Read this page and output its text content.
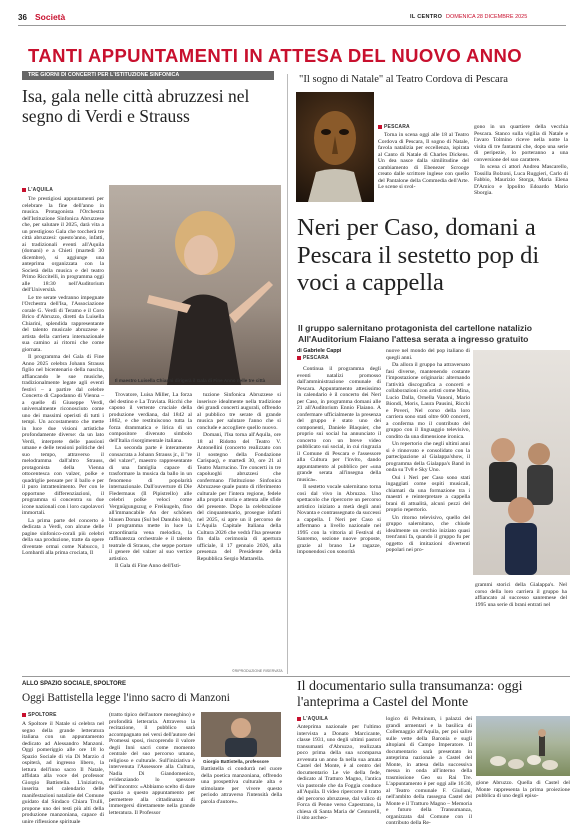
36 Società	IL CENTRO DOMENICA 28 DICEMBRE 2025
TANTI APPUNTAMENTI IN ATTESA DEL NUOVO ANNO
TRE GIORNI DI CONCERTI PER L'ISTITUZIONE SINFONICA
Isa, gala nelle città abruzzesi nel segno di Verdi e Strauss
L'AQUILA

Tre prestigiosi appuntamenti per celebrare la fine dell'anno in musica. Protagonista l'Orchestra dell'Istituzione Sinfonica Abruzzese che, per salutare il 2025, darà vita a un prestigioso Gala che toccherà tre città abruzzesi: questo'anno, infatti, ai tradizionali eventi all'Aquila (domani) e a Chieti (martedì 30 dicembre), si aggiunge una anteprima organizzata con la Società della musica e del teatro Primo Riccitelli, in programma oggi alle 18:30 nell'Auditorium dell'Università.

Le tre serate vedranno impegnate l'Orchestra dell'Isa, l'Associazione corale G. Verdi di Teramo e il Coro Brico d'Abruzzo, diretti da Luisella Chiarini, splendida rappresentante del talento musicale abruzzese e artista della carriera internazionale sua camino ai ritorni che come giornata.

Il programma del Gala di Fine Anno 2025 celebra Johann Strauss figlio nel bicentenario della nascita, affiancando le sue musiche, tradizionalmente legate agli eventi festivi – a partire dal celebre Concerto di Capodanno di Vienna – a quelle di Giuseppe Verdi, universalmente riconosciuto come uno dei massimi operisti di tutti i tempi. Un accostamento che mette in luce due visioni artistiche profondamente diverse: da un lato Verdi, interprete delle passioni umane e delle tensioni politiche del suo tempo, attraverso il melodramma dall'altro Strauss, protagonista della Vienna ottocentesca con valzer, polke e quadriglie pensate per il ballo e per il puro intrattenimento. Per con le opportune differenziazioni, il programma si concentra su due icone nazionali con i loro capolavori immortali.

La prima parte del concerto è dedicata a Verdi, con alcune delle pagine sinfonico-corali più celebri della sua produzione, tratte da opere diventate ormai come Nabucco, I Lombardi alla prima crociata, Il

Il maestro Luisella Chiarini dirigerà il Gala di Fine Anno nelle tre città

Trovatore, Luisa Miller, La forza del destino e La Traviata. Ricchi che capono il vertente cruciale della produzione verdiana, dal 1842 al 1862, e che restituiscono tutta la forza drammatica e lirica di un compositore divenuto simbolo dell'Italia risorgimentale italiana.

La seconda parte è interamente consacrata a Johann Strauss jr., il "re del valzer", maestro rappresentante di una famiglia capace di trasformare la musica da ballo in un fenomeno di popolarità internazionale. Dall'ouverture di Die Fledermaus (Il Pipistrello) alle celebri polke veloci come Vergnügungszug e Freikugeln, fino all'immancabile An der schönen blauen Donau (Sul bel Danubio blu), il programma mette in luce la straordinaria vena melodica, la raffinatezza orchestrale e il talento teatrale di Strauss, che seppe portare il genere del valzer al suo vertice artistico.

Il Gala di Fine Anno dell'Isti-

tuzione Sinfonica Abruzzese si inserisce idealmente nella tradizione dei grandi concerti augurali, offrendo al pubblico tre serate di grande musica per salutare l'anno che si conclude e accogliere quello nuovo.

Domani, l'Isa torna all'Aquila, ore 18 al Ridotto del Teatro V. Antonellini (concerto realizzato con il sostegno della Fondazione Carispaq), e martedì 30, ore 21 al Teatro Marrucino. Tre concerti in tre capoluoghi abruzzesi che confermano l'Istituzione Sinfonica Abruzzese quale punto di riferimento culturale per l'intera regione, fedele alla propria storia e attenta alle sfide del presente. Dopo la celebrazione del cinquantenario, prosegue infatti nel 2025, si apre un il percorso de L'Aquila Capitale Italiana della Cultura 2026 che vedrà l'Isa presente fin dalla cerimonia di apertura ufficiale, il 17 gennaio 2026, alla presenza del Presidente della Repubblica Sergio Mattarella.

©RIPRODUZIONE RISERVATA
"Il sogno di Natale" al Teatro Cordova di Pescara
PESCARA

Torna in scena oggi alle 18 al Teatro Cordova di Pescara, Il sogno di Natale, favola natalizia per eccellenza, ispirata al Canto di Natale di Charles Dickens. Un dea nasce dalla similitudine del cambiamento di Ebenezer Scrooge creato dalle scrittore inglese con quello del Pantalone della Commedia dell'Arte. Le scene si svol-

gono in un quartiere della vecchia Pescara. Stanco sulla vigilia di Natale e l'avaro Tolmino riceve nella notte la visita di tre fantasmi che, dopo una serie di peripezie, lo porteranno a una conversione del suo carattere.

In scena ci attori Andrea Mascarello, Tossilla Bolzoni, Luca Ruggieri, Carlo di Fabbio, Maurizio Storga, Maria Elena D'Amico e Ippolito Edoardo Mario Sborgia.

Neri per Caso, domani a Pescara il sestetto pop di voci a cappella
Il gruppo salernitano protagonista del cartellone natalizio All'Auditorium Flaiano l'attesa serata a ingresso gratuito
di Gabriele Cappi
PESCARA

Continua il programma degli eventi natalizi promosso dall'amministrazione comunale di Pescara. Appuntamento attesissimo in calendario è il concerto dei Neri per Caso, in programma domani alle 21 all'Auditorium Ennio Flaiano. A confermare ufficialmente la presenza del gruppo è stato uno dei componenti, Daniele Blaquier, che proprio sui social ha annunciato il concerto con un breve video pubblicato sui social, in cui ringrazia il Comune di Pescara e l'assessore alla Cultura per l'invito, dando appuntamento al pubblico per «una grande serata all'insegna della musica».

Il sestetto vocale salernitano torna così dal vivo in Abruzzo. Uno spettacolo che ripercorre un percorso artistico iniziato a metà degli anni Novanta e contrassegnato da successi a cappella. I Neri per Caso si affermano a livello nazionale nel 1995 con la vittoria al Festival di Sanremo, sezione nuove proposte, grazie al brano Le ragazze, imponendosi con sonorità

nuove nel mondo del pop italiano di quegli anni.

Da allora il gruppo ha attraversato fasi diverse, mantenendo costante l'impostazione originaria: alternando l'attività discografica a concerti e collaborazioni con artisti come Mina, Lucio Dalla, Ornella Vanoni, Mario Biondi, Moris, Laura Pausini, Ricchi e Poveri, Nel corso della loro carriera sono stati oltre 600 concerti, a conferma mo il contributo del gruppo con il linguaggio televisivo, condito da una dimensione ironica.

Un repertorio che negli ultimi anni si è rinnovato e consolidato con la partecipazione al Gialappa'show, il programma della Gialappa's Band in onda su Tv8 e Sky Uno.

Oui i Neri per Caso sono stati ingaggiati come ospiti musicali, chiamati da una formazione tra i maestri e reinterpretare a cappella brani di attualità, alcuni pezzi del proprio repertorio.

Un ritorno televisivo, quello del gruppo salernitano, che chiude idealmente un cerchio iniziato quasi trent'anni fa, quando il gruppo fu per oggetto di imitazioni divertenti popolari nei pro-

grammi storici della Gialappa's. Nel corso della loro carriera il gruppo ha affiancato al successo sanremese del 1995 una serie di brani entrati nel

ALLO SPAZIO SOCIALE, SPOLTORE
Oggi Battistella legge l'inno sacro di Manzoni
SPOLTORE

A Spoltore il Natale si celebra nel segno della grande letteratura italiana con un appuntamento dedicato ad Alessandro Manzoni. Oggi pomeriggio alle ore 18 lo Spazio Sociale di via Di Marzio 4 ospiterà, ad ingresso libero, la lettura dell'inno sacro Il Natale, affidata alla voce del professor Giorgio Battistella. L'iniziativa, inserita nel calendario delle manifestazioni natalizie del Comune guidato dal Sindaco Chiara Trulli, propone uno dei testi più alti della produzione manzoniana, capace di unire riflessione spirituale

(tratto tipico dell'autore meneghino) e profondità letteraria. Attraverso la recitazione, il pubblico sarà accompagnato nei versi dell'autore dei Promessi sposi, riscoprendo il valore degli Inni sacri come momento centrale del suo percorso umano, religioso e culturale. Sull'iniziativa è intervenuta l'Assessore alla Cultura, Nadia Di Giandomenico, evidenziando lo spessore dell'incontro: «Abbiamo scelto di dare spazio a questo appuntamento per permettere alla cittadinanza di immergersi direttamente nella grande letteratura. Il Professor

Giorgio Battistella, professore

Battistella ci condurrà nel cuore della poetica manzoniana, offrendo una prospettiva culturale alta e stimolante per vivere questo periodo attraverso l'intensità della parola d'autore».

Il documentario sulla transumanza: oggi l'anteprima a Castel del Monte
L'AQUILA

Anteprima nazionale per l'ultimo intervista a Donato Marcicante, classe 1931, uno degli ultimi pastori transumanti d'Abruzzo, realizzata poco prima della sua scomparsa avvenuta un anno fa nella sua amata Castel del Monte, è al centro del documentario Le vie della fede, dedicato al Tratturo Magno, l'antica via pastorale che da Foggia conduce all'Aquila. Il video ripercorre il tratto del percorso abruzzese, dal valico di Forca di Penne verso Capestrano, la chiesa di Santa Maria de' Centurelli, il sito archeo-

logico di Peltuinum, i palazzi dei grandi armentari e la basilica di Collemaggio all'Aquila, per poi salire sulle vette della Baronia e sugli altopiani di Campo Imperatore. Il documentario sarà presentato in anteprima nazionale a Castel del Monte, in attesa della successiva messa in onda all'interno della trasmissione Geo su Rai Tre. L'appuntamento è per oggi alle 16:30, al Teatro comunale F. Giuliani, nell'ambito della rassegna Castel del Monte e il Tratturo Magno – Memoria e futuro della Transumanza, organizzata dal Comune con il contributo della Re-

gione Abruzzo. Quella di Castel del Monte rappresenta la prima proiezione pubblica di uno degli episo-
